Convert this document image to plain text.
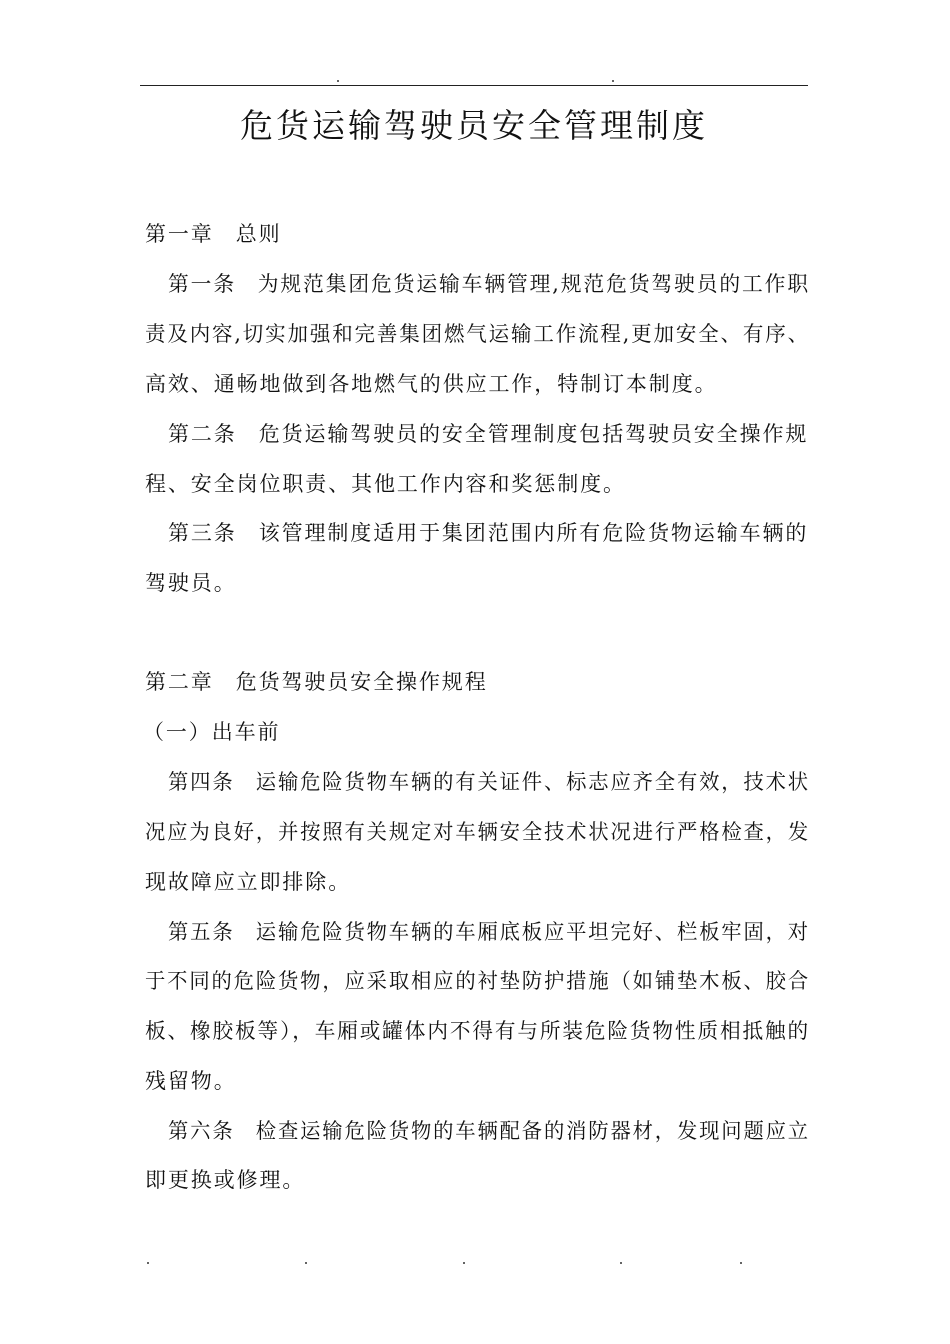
危货运输驾驶员安全管理制度
第一章 总则
第一条 为规范集团危货运输车辆管理,规范危货驾驶员的工作职
责及内容,切实加强和完善集团燃气运输工作流程,更加安全、有序、
高效、通畅地做到各地燃气的供应工作，特制订本制度。
第二条 危货运输驾驶员的安全管理制度包括驾驶员安全操作规
程、安全岗位职责、其他工作内容和奖惩制度。
第三条 该管理制度适用于集团范围内所有危险货物运输车辆的
驾驶员。
第二章 危货驾驶员安全操作规程
（一）出车前
第四条 运输危险货物车辆的有关证件、标志应齐全有效，技术状
况应为良好，并按照有关规定对车辆安全技术状况进行严格检查，发
现故障应立即排除。
第五条 运输危险货物车辆的车厢底板应平坦完好、栏板牢固，对
于不同的危险货物，应采取相应的衬垫防护措施（如铺垫木板、胶合
板、橡胶板等），车厢或罐体内不得有与所装危险货物性质相抵触的
残留物。
第六条 检查运输危险货物的车辆配备的消防器材，发现问题应立
即更换或修理。
